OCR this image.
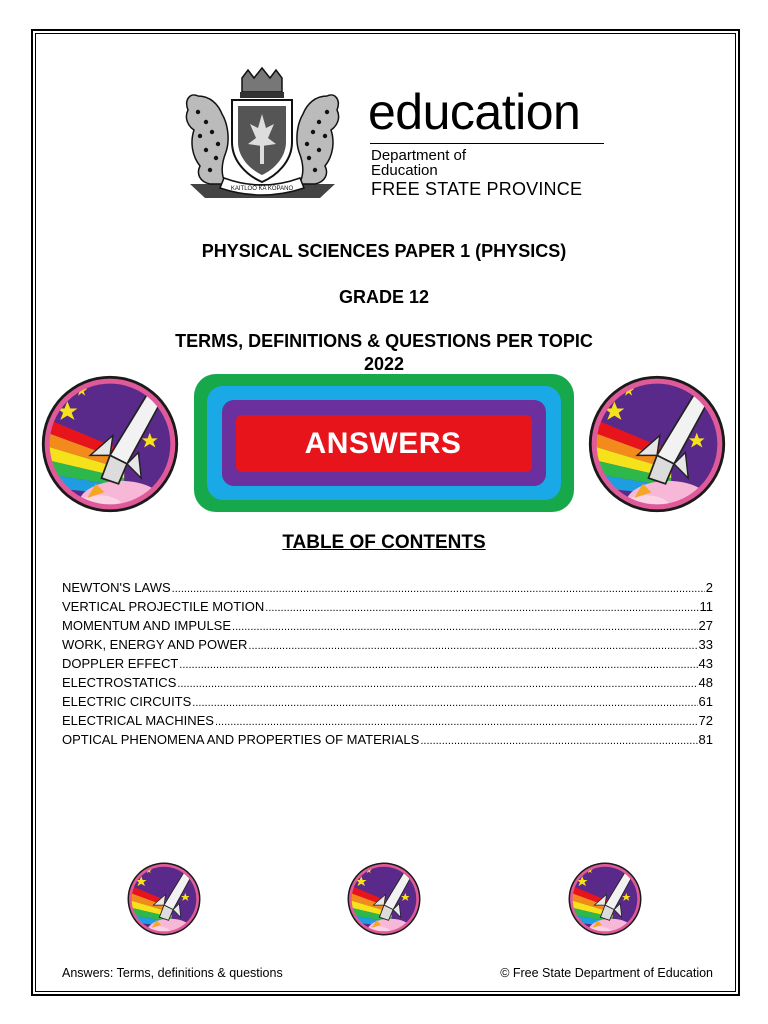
KAITLOO KA KOPANO
education
Department of
Education
FREE STATE PROVINCE
PHYSICAL SCIENCES PAPER 1 (PHYSICS)
GRADE 12
TERMS, DEFINITIONS & QUESTIONS PER TOPIC
2022
ANSWERS
TABLE OF CONTENTS
NEWTON'S LAWS .....	2
VERTICAL PROJECTILE MOTION .....	11
MOMENTUM AND IMPULSE .....	27
WORK, ENERGY AND POWER .....	33
DOPPLER EFFECT .....	43
ELECTROSTATICS .....	48
ELECTRIC CIRCUITS .....	61
ELECTRICAL MACHINES .....	72
OPTICAL PHENOMENA AND PROPERTIES OF MATERIALS .....	81
Answers: Terms, definitions & questions	© Free State Department of Education
